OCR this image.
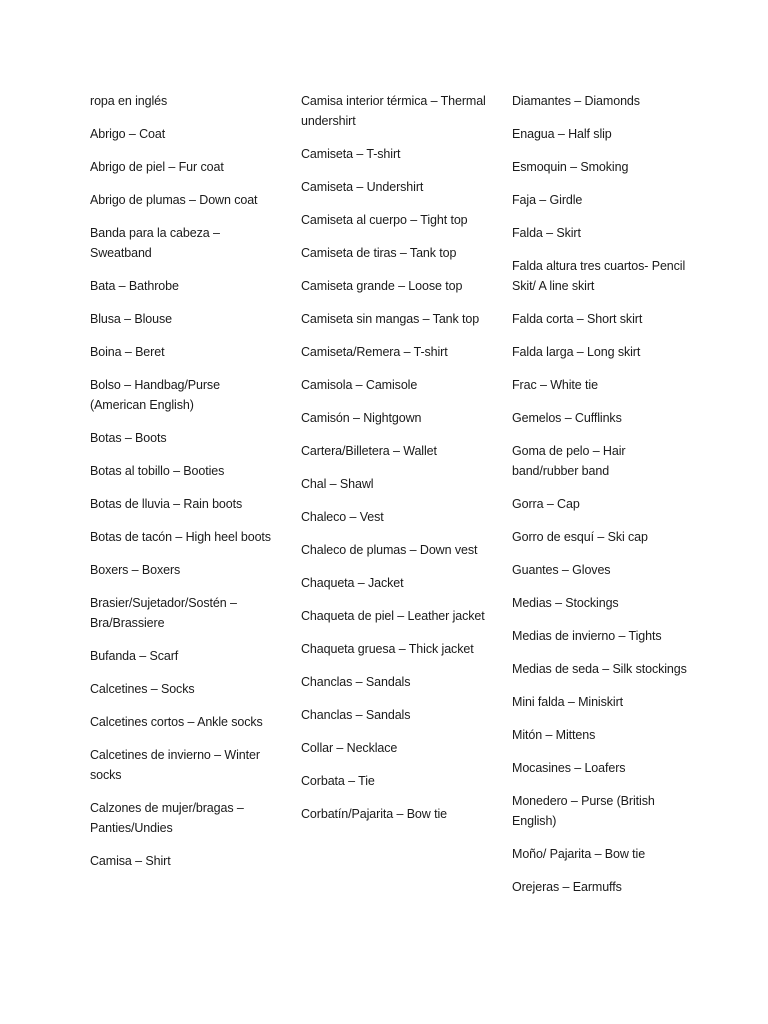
ropa en inglés

Abrigo – Coat

Abrigo de piel – Fur coat

Abrigo de plumas – Down coat

Banda para la cabeza – Sweatband

Bata – Bathrobe

Blusa – Blouse

Boina – Beret

Bolso – Handbag/Purse (American English)

Botas – Boots

Botas al tobillo – Booties

Botas de lluvia – Rain boots

Botas de tacón – High heel boots

Boxers – Boxers

Brasier/Sujetador/Sostén – Bra/Brassiere

Bufanda – Scarf

Calcetines – Socks

Calcetines cortos – Ankle socks

Calcetines de invierno – Winter socks

Calzones de mujer/bragas – Panties/Undies

Camisa – Shirt

Camisa interior térmica – Thermal undershirt

Camiseta – T-shirt

Camiseta – Undershirt

Camiseta al cuerpo – Tight top

Camiseta de tiras – Tank top

Camiseta grande – Loose top

Camiseta sin mangas – Tank top

Camiseta/Remera – T-shirt

Camisola – Camisole

Camisón – Nightgown

Cartera/Billetera – Wallet

Chal – Shawl

Chaleco – Vest

Chaleco de plumas – Down vest

Chaqueta – Jacket

Chaqueta de piel – Leather jacket

Chaqueta gruesa – Thick jacket

Chanclas – Sandals

Chanclas – Sandals

Collar – Necklace

Corbata – Tie

Corbatín/Pajarita – Bow tie

Diamantes – Diamonds

Enagua – Half slip

Esmoquin – Smoking

Faja – Girdle

Falda – Skirt

Falda altura tres cuartos- Pencil Skit/ A line skirt

Falda corta – Short skirt

Falda larga – Long skirt

Frac – White tie

Gemelos – Cufflinks

Goma de pelo – Hair band/rubber band

Gorra – Cap

Gorro de esquí – Ski cap

Guantes – Gloves

Medias – Stockings

Medias de invierno – Tights

Medias de seda – Silk stockings

Mini falda – Miniskirt

Mitón – Mittens

Mocasines – Loafers

Monedero – Purse (British English)

Moño/ Pajarita – Bow tie

Orejeras – Earmuffs
